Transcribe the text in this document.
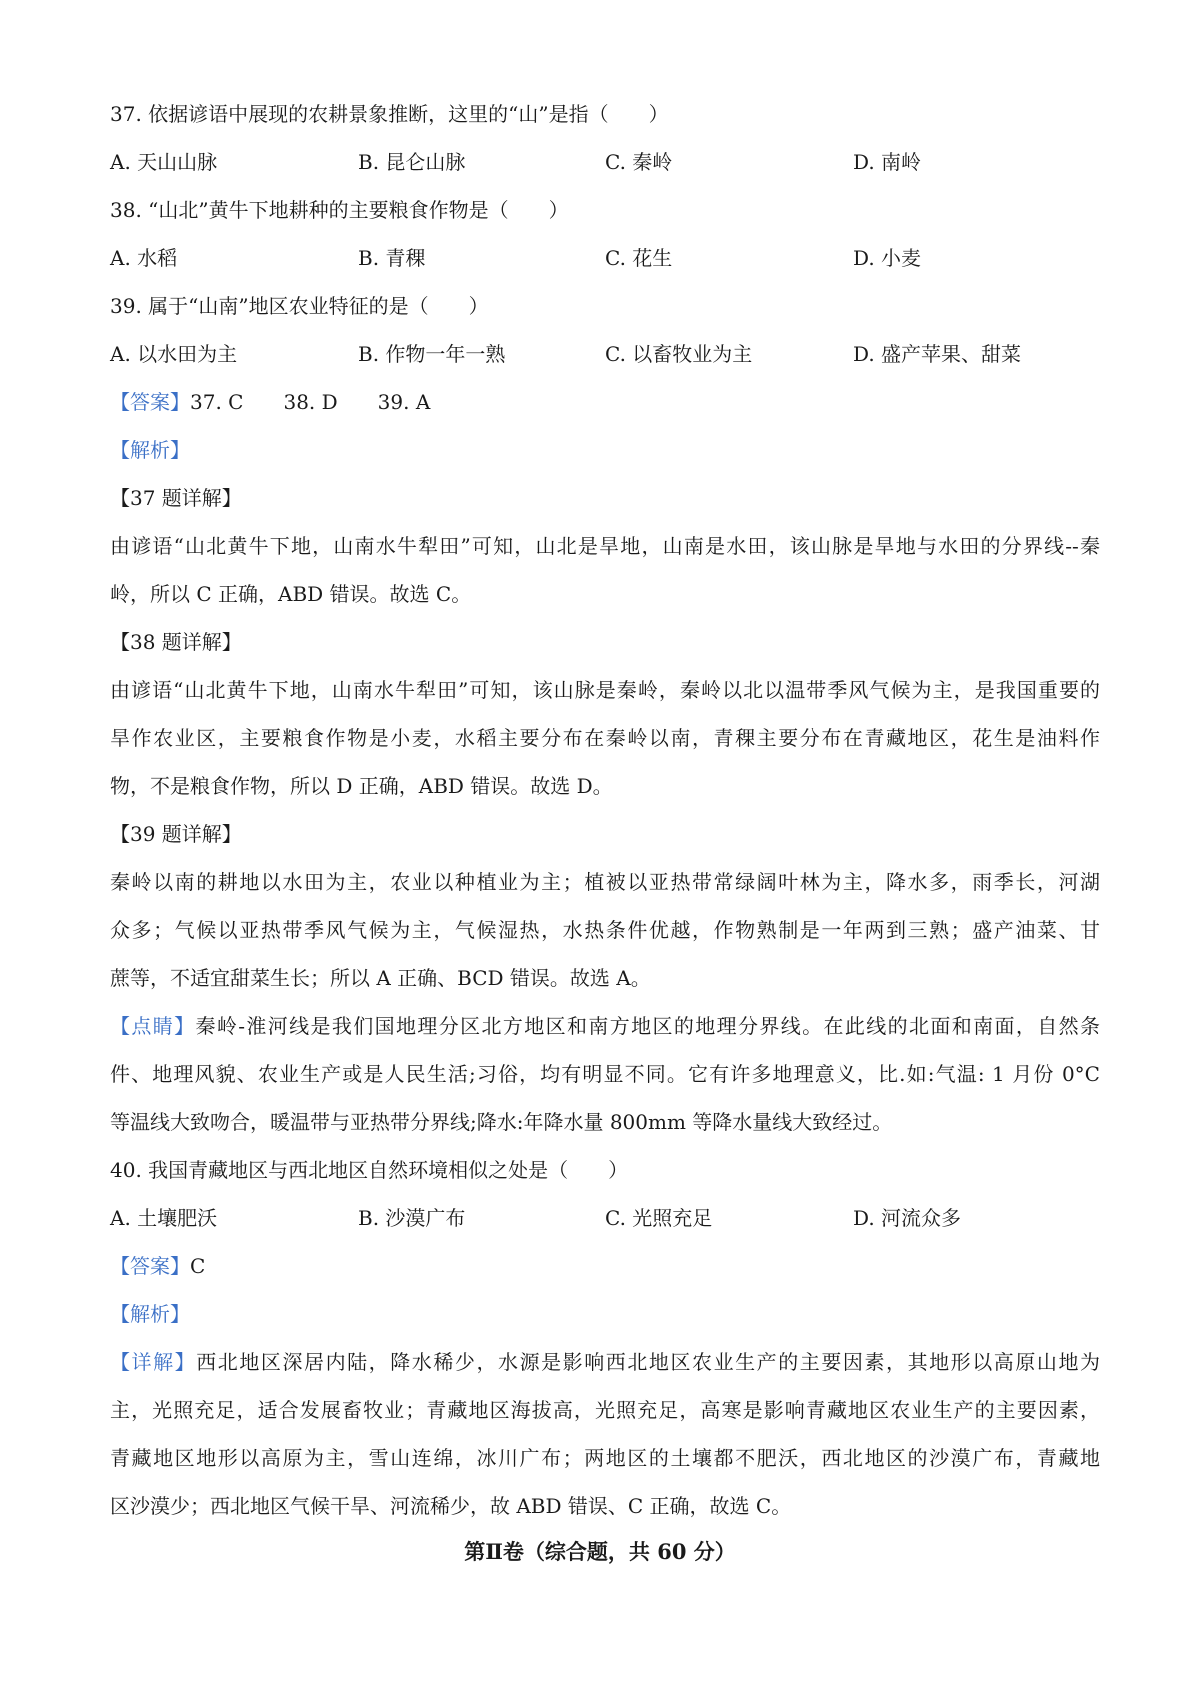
37. 依据谚语中展现的农耕景象推断，这里的“山”是指（　　）
A. 天山山脉	B. 昆仑山脉	C. 秦岭	D. 南岭
38. “山北”黄牛下地耕种的主要粮食作物是（　　）
A. 水稻	B. 青稞	C. 花生	D. 小麦
39. 属于“山南”地区农业特征的是（　　）
A. 以水田为主	B. 作物一年一熟	C. 以畜牧业为主	D. 盛产苹果、甜菜
【答案】37. C　　38. D　　39. A
【解析】
【37 题详解】
由谚语“山北黄牛下地，山南水牛犁田”可知，山北是旱地，山南是水田，该山脉是旱地与水田的分界线--秦
岭，所以 C 正确，ABD 错误。故选 C。
【38 题详解】
由谚语“山北黄牛下地，山南水牛犁田”可知，该山脉是秦岭，秦岭以北以温带季风气候为主，是我国重要的
旱作农业区，主要粮食作物是小麦，水稻主要分布在秦岭以南，青稞主要分布在青藏地区，花生是油料作
物，不是粮食作物，所以 D 正确，ABD 错误。故选 D。
【39 题详解】
秦岭以南的耕地以水田为主，农业以种植业为主；植被以亚热带常绿阔叶林为主，降水多，雨季长，河湖
众多；气候以亚热带季风气候为主，气候湿热，水热条件优越，作物熟制是一年两到三熟；盛产油菜、甘
蔗等，不适宜甜菜生长；所以 A 正确、BCD 错误。故选 A。
【点睛】秦岭-淮河线是我们国地理分区北方地区和南方地区的地理分界线。在此线的北面和南面，自然条
件、地理风貌、农业生产或是人民生活;习俗，均有明显不同。它有许多地理意义，比.如:气温: 1 月份 0°C
等温线大致吻合，暖温带与亚热带分界线;降水:年降水量 800mm 等降水量线大致经过。
40. 我国青藏地区与西北地区自然环境相似之处是（　　）
A. 土壤肥沃	B. 沙漠广布	C. 光照充足	D. 河流众多
【答案】C
【解析】
【详解】西北地区深居内陆，降水稀少，水源是影响西北地区农业生产的主要因素，其地形以高原山地为
主，光照充足，适合发展畜牧业；青藏地区海拔高，光照充足，高寒是影响青藏地区农业生产的主要因素，
青藏地区地形以高原为主，雪山连绵，冰川广布；两地区的土壤都不肥沃，西北地区的沙漠广布，青藏地
区沙漠少；西北地区气候干旱、河流稀少，故 ABD 错误、C 正确，故选 C。
第Ⅱ卷（综合题，共 60 分）
